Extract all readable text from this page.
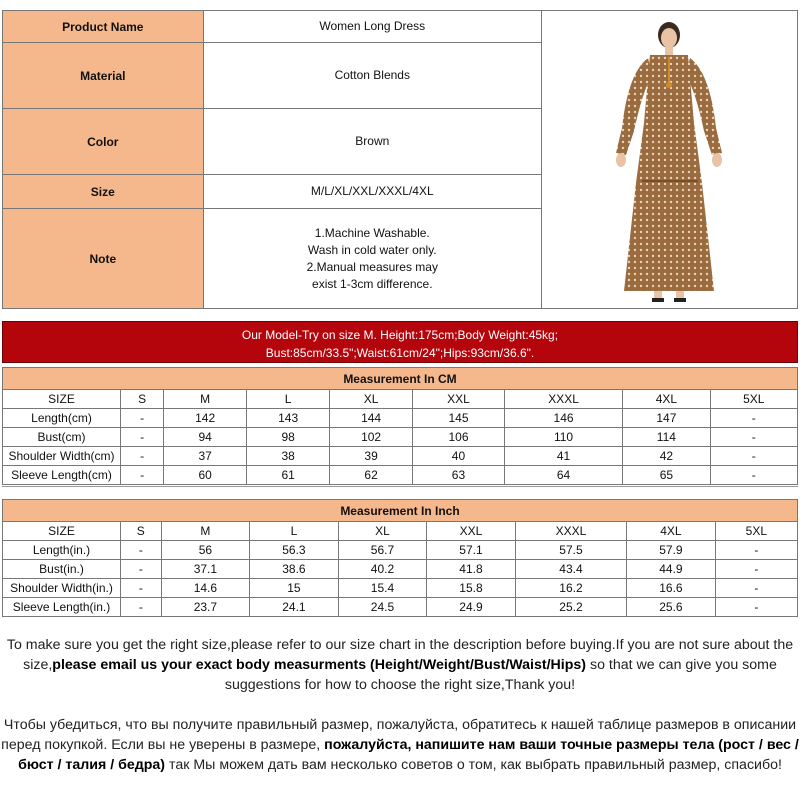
Product Name	Women Long Dress	

Material	Cotton Blends	
Color	Brown	
Size	M/L/XL/XXL/XXXL/4XL	
Note	1.Machine Washable.
Wash in cold water only.
2.Manual measures may
exist 1-3cm difference.	
Our Model-Try on size M. Height:175cm;Body Weight:45kg;
Bust:85cm/33.5";Waist:61cm/24";Hips:93cm/36.6".
Measurement In CM								
SIZE	S	M	L	XL	XXL	XXXL	4XL	5XL
Length(cm)	-	142	143	144	145	146	147	-
Bust(cm)	-	94	98	102	106	110	114	-
Shoulder Width(cm)	-	37	38	39	40	41	42	-
Sleeve Length(cm)	-	60	61	62	63	64	65	-
Measurement In Inch								
SIZE	S	M	L	XL	XXL	XXXL	4XL	5XL
Length(in.)	-	56	56.3	56.7	57.1	57.5	57.9	-
Bust(in.)	-	37.1	38.6	40.2	41.8	43.4	44.9	-
Shoulder Width(in.)	-	14.6	15	15.4	15.8	16.2	16.6	-
Sleeve Length(in.)	-	23.7	24.1	24.5	24.9	25.2	25.6	-

To make sure you get the right size,please refer to our size chart in the description before buying.If you are not sure about the size,please email us your exact body measurments (Height/Weight/Bust/Waist/Hips) so that we can give you some suggestions for how to choose the right size,Thank you!

Чтобы убедиться, что вы получите правильный размер, пожалуйста, обратитесь к нашей таблице размеров в описании перед покупкой. Если вы не уверены в размере, пожалуйста, напишите нам ваши точные размеры тела (рост / вес / бюст / талия / бедра) так Мы можем дать вам несколько советов о том, как выбрать правильный размер, спасибо!
